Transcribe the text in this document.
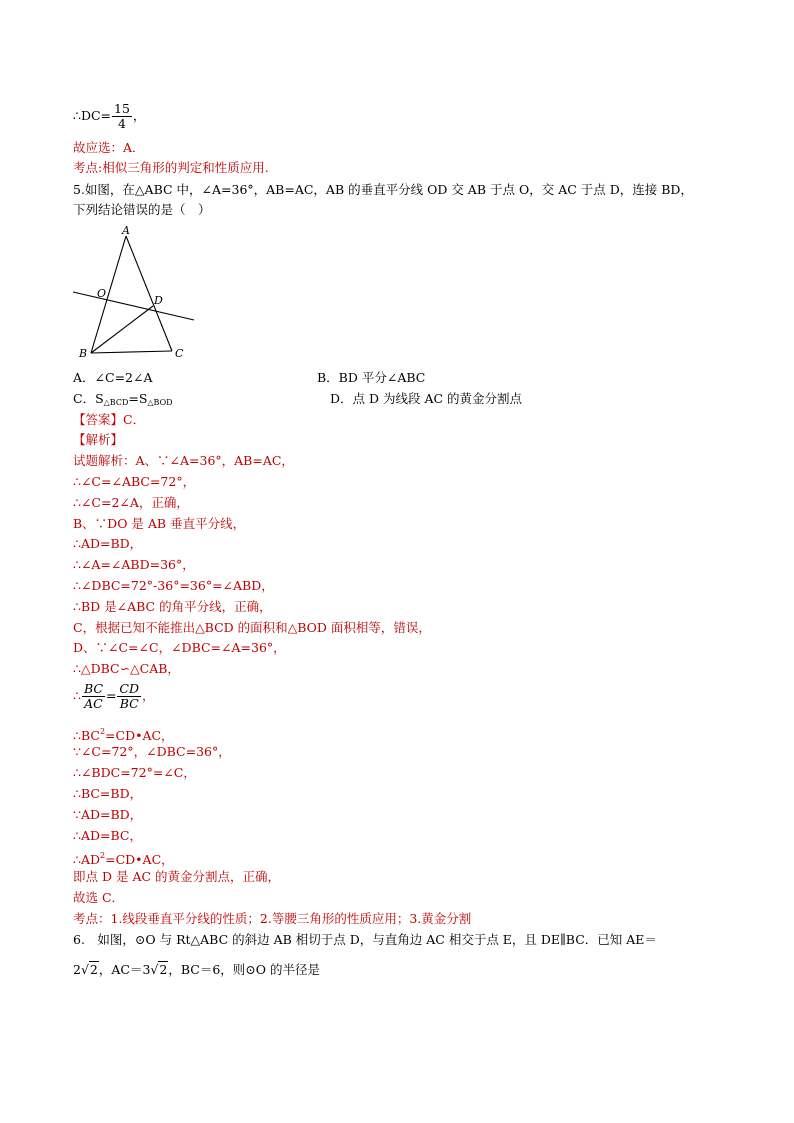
∴DC= $\frac{15}{4}$ ，
故应选：A．
考点:相似三角形的判定和性质应用.
5.如图，在△ABC 中，∠A=36°，AB=AC，AB 的垂直平分线 OD 交 AB 于点 O，交 AC 于点 D，连接 BD，
下列结论错误的是（　）
A
O
D
B	C
A．∠C=2∠A	B．BD 平分∠ABC
C．$S_{\triangle BCD}=S_{\triangle BOD}$	D．点 D 为线段 AC 的黄金分割点
【答案】C．
【解析】
试题解析：A、∵∠A=36°，AB=AC，
∴∠C=∠ABC=72°，
∴∠C=2∠A，正确，
B、∵DO 是 AB 垂直平分线，
∴AD=BD，
∴∠A=∠ABD=36°，
∴∠DBC=72°-36°=36°=∠ABD，
∴BD 是∠ABC 的角平分线，正确，
C，根据已知不能推出△BCD 的面积和△BOD 面积相等，错误，
D、∵∠C=∠C，∠DBC=∠A=36°，
∴△DBC∽△CAB，
∴ $\frac{BC}{AC} = \frac{CD}{BC}$ ，
$\therefore BC^2=CD•AC$，
∵∠C=72°，∠DBC=36°，
∴∠BDC=72°=∠C，
∴BC=BD，
∵AD=BD，
∴AD=BC，
$\therefore AD^2=CD•AC$，
即点 D 是 AC 的黄金分割点，正确，
故选 C．
考点：1.线段垂直平分线的性质；2.等腰三角形的性质应用；3.黄金分割
6.　如图，⊙O 与 Rt△ABC 的斜边 AB 相切于点 D，与直角边 AC 相交于点 E，且 DE∥BC．已知 AE＝
2√2，AC＝3√2，BC＝6，则⊙O 的半径是
